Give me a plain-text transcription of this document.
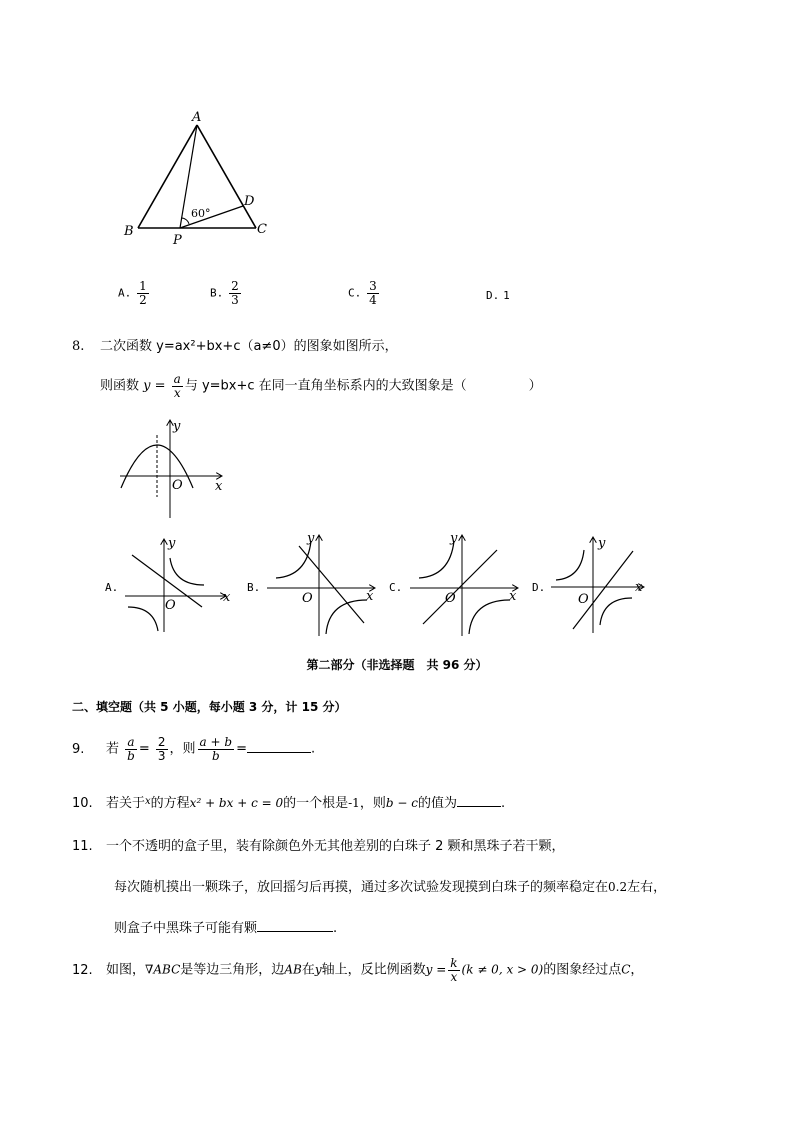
A
B	C
D
P
60°
A. $\frac{1}{2}$	B. $\frac{2}{3}$	C. $\frac{3}{4}$	D. 1
8. 二次函数 y=ax²+bx+c（a≠0）的图象如图所示，
则函数 $y = \frac{a}{x}$ 与 y=bx+c 在同一直角坐标系内的大致图象是（	）
y
x
O
A.
y
x
O
B.
y
x
O
C.
y
x
O
D.
y
x
O
第二部分（非选择题　共 96 分）
二、填空题（共 5 小题，每小题 3 分，计 15 分）
9. 若 $\frac{a}{b} = \frac{2}{3}$ ，则 $\frac{a + b}{b}$ =	.
10. 若关于$^x$的方程x² + bx + c = 0的一个根是-1，则b − c的值为	.
11. 一个不透明的盒子里，装有除颜色外无其他差别的白珠子 2 颗和黑珠子若干颗，
每次随机摸出一颗珠子，放回摇匀后再摸，通过多次试验发现摸到白珠子的频率稳定在0.2左右，
则盒子中黑珠子可能有颗	.
12. 如图，∇ABC是等边三角形，边AB在y轴上，反比例函数$y = \frac{k}{x} (k \ne 0$, x > 0)的图象经过点C，
